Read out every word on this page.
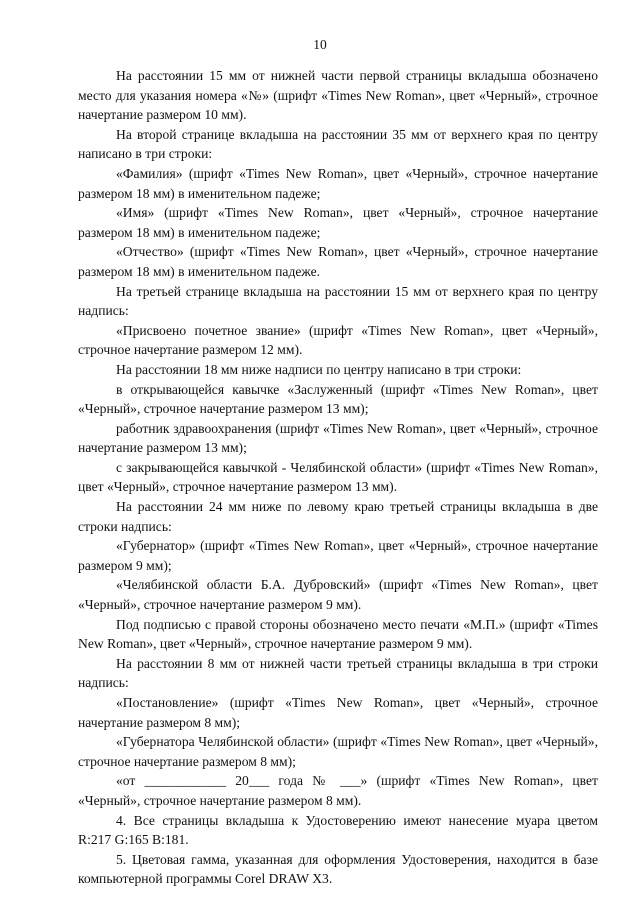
10

На расстоянии 15 мм от нижней части первой страницы вкладыша обозначено место для указания номера «№» (шрифт «Times New Roman», цвет «Черный», строчное начертание размером 10 мм).

На второй странице вкладыша на расстоянии 35 мм от верхнего края по центру написано в три строки:

«Фамилия» (шрифт «Times New Roman», цвет «Черный», строчное начертание размером 18 мм) в именительном падеже;

«Имя» (шрифт «Times New Roman», цвет «Черный», строчное начертание размером 18 мм) в именительном падеже;

«Отчество» (шрифт «Times New Roman», цвет «Черный», строчное начертание размером 18 мм) в именительном падеже.

На третьей странице вкладыша на расстоянии 15 мм от верхнего края по центру надпись:

«Присвоено почетное звание» (шрифт «Times New Roman», цвет «Черный», строчное начертание размером 12 мм).

На расстоянии 18 мм ниже надписи по центру написано в три строки:

в открывающейся кавычке «Заслуженный (шрифт «Times New Roman», цвет «Черный», строчное начертание размером 13 мм);

работник здравоохранения (шрифт «Times New Roman», цвет «Черный», строчное начертание размером 13 мм);

с закрывающейся кавычкой - Челябинской области» (шрифт «Times New Roman», цвет «Черный», строчное начертание размером 13 мм).

На расстоянии 24 мм ниже по левому краю третьей страницы вкладыша в две строки надпись:

«Губернатор» (шрифт «Times New Roman», цвет «Черный», строчное начертание размером 9 мм);

«Челябинской области Б.А. Дубровский» (шрифт «Times New Roman», цвет «Черный», строчное начертание размером 9 мм).

Под подписью с правой стороны обозначено место печати «М.П.» (шрифт «Times New Roman», цвет «Черный», строчное начертание размером 9 мм).

На расстоянии 8 мм от нижней части третьей страницы вкладыша в три строки надпись:

«Постановление» (шрифт «Times New Roman», цвет «Черный», строчное начертание размером 8 мм);

«Губернатора Челябинской области» (шрифт «Times New Roman», цвет «Черный», строчное начертание размером 8 мм);

«от ____________ 20___ года № ___» (шрифт «Times New Roman», цвет «Черный», строчное начертание размером 8 мм).

4. Все страницы вкладыша к Удостоверению имеют нанесение муара цветом R:217 G:165 B:181.

5. Цветовая гамма, указанная для оформления Удостоверения, находится в базе компьютерной программы Corel DRAW X3.
